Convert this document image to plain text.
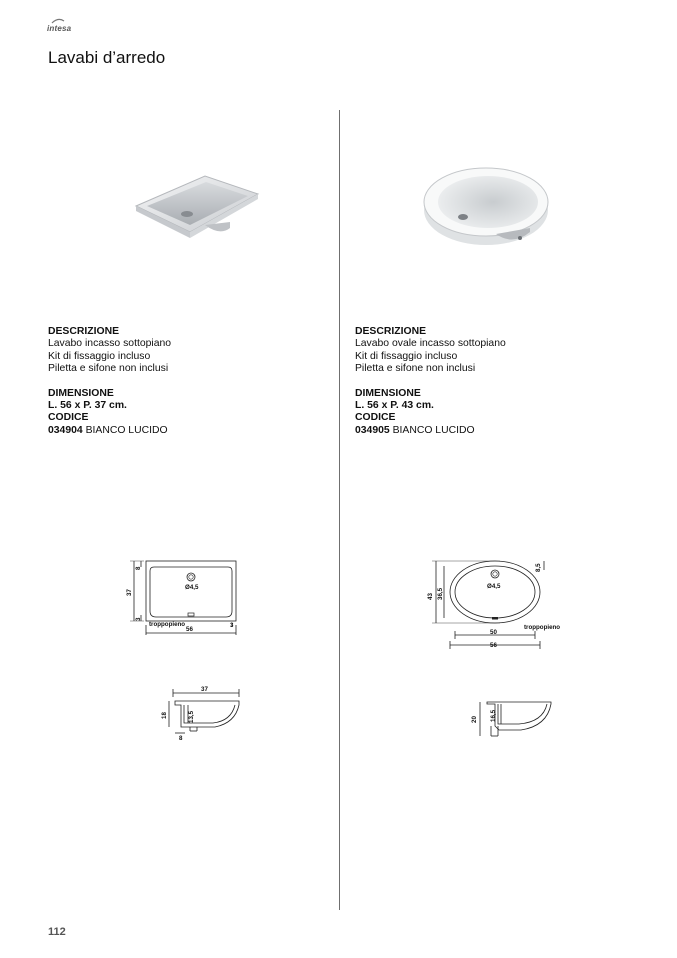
intesa
Lavabi d’arredo
DESCRIZIONE
Lavabo incasso sottopiano
Kit di fissaggio incluso
Piletta e sifone non inclusi
DIMENSIONE
L. 56 x P. 37 cm.
CODICE
034904 BIANCO LUCIDO
DESCRIZIONE
Lavabo ovale incasso sottopiano
Kit di fissaggio incluso
Piletta e sifone non inclusi
DIMENSIONE
L. 56 x P. 43 cm.
CODICE
034905 BIANCO LUCIDO
Ø4,5
troppopieno
56
3
37
8
3
37
18	13,5
8
Ø4,5
troppopieno
50
56
43 36,5
8,5
20 16,5
112
